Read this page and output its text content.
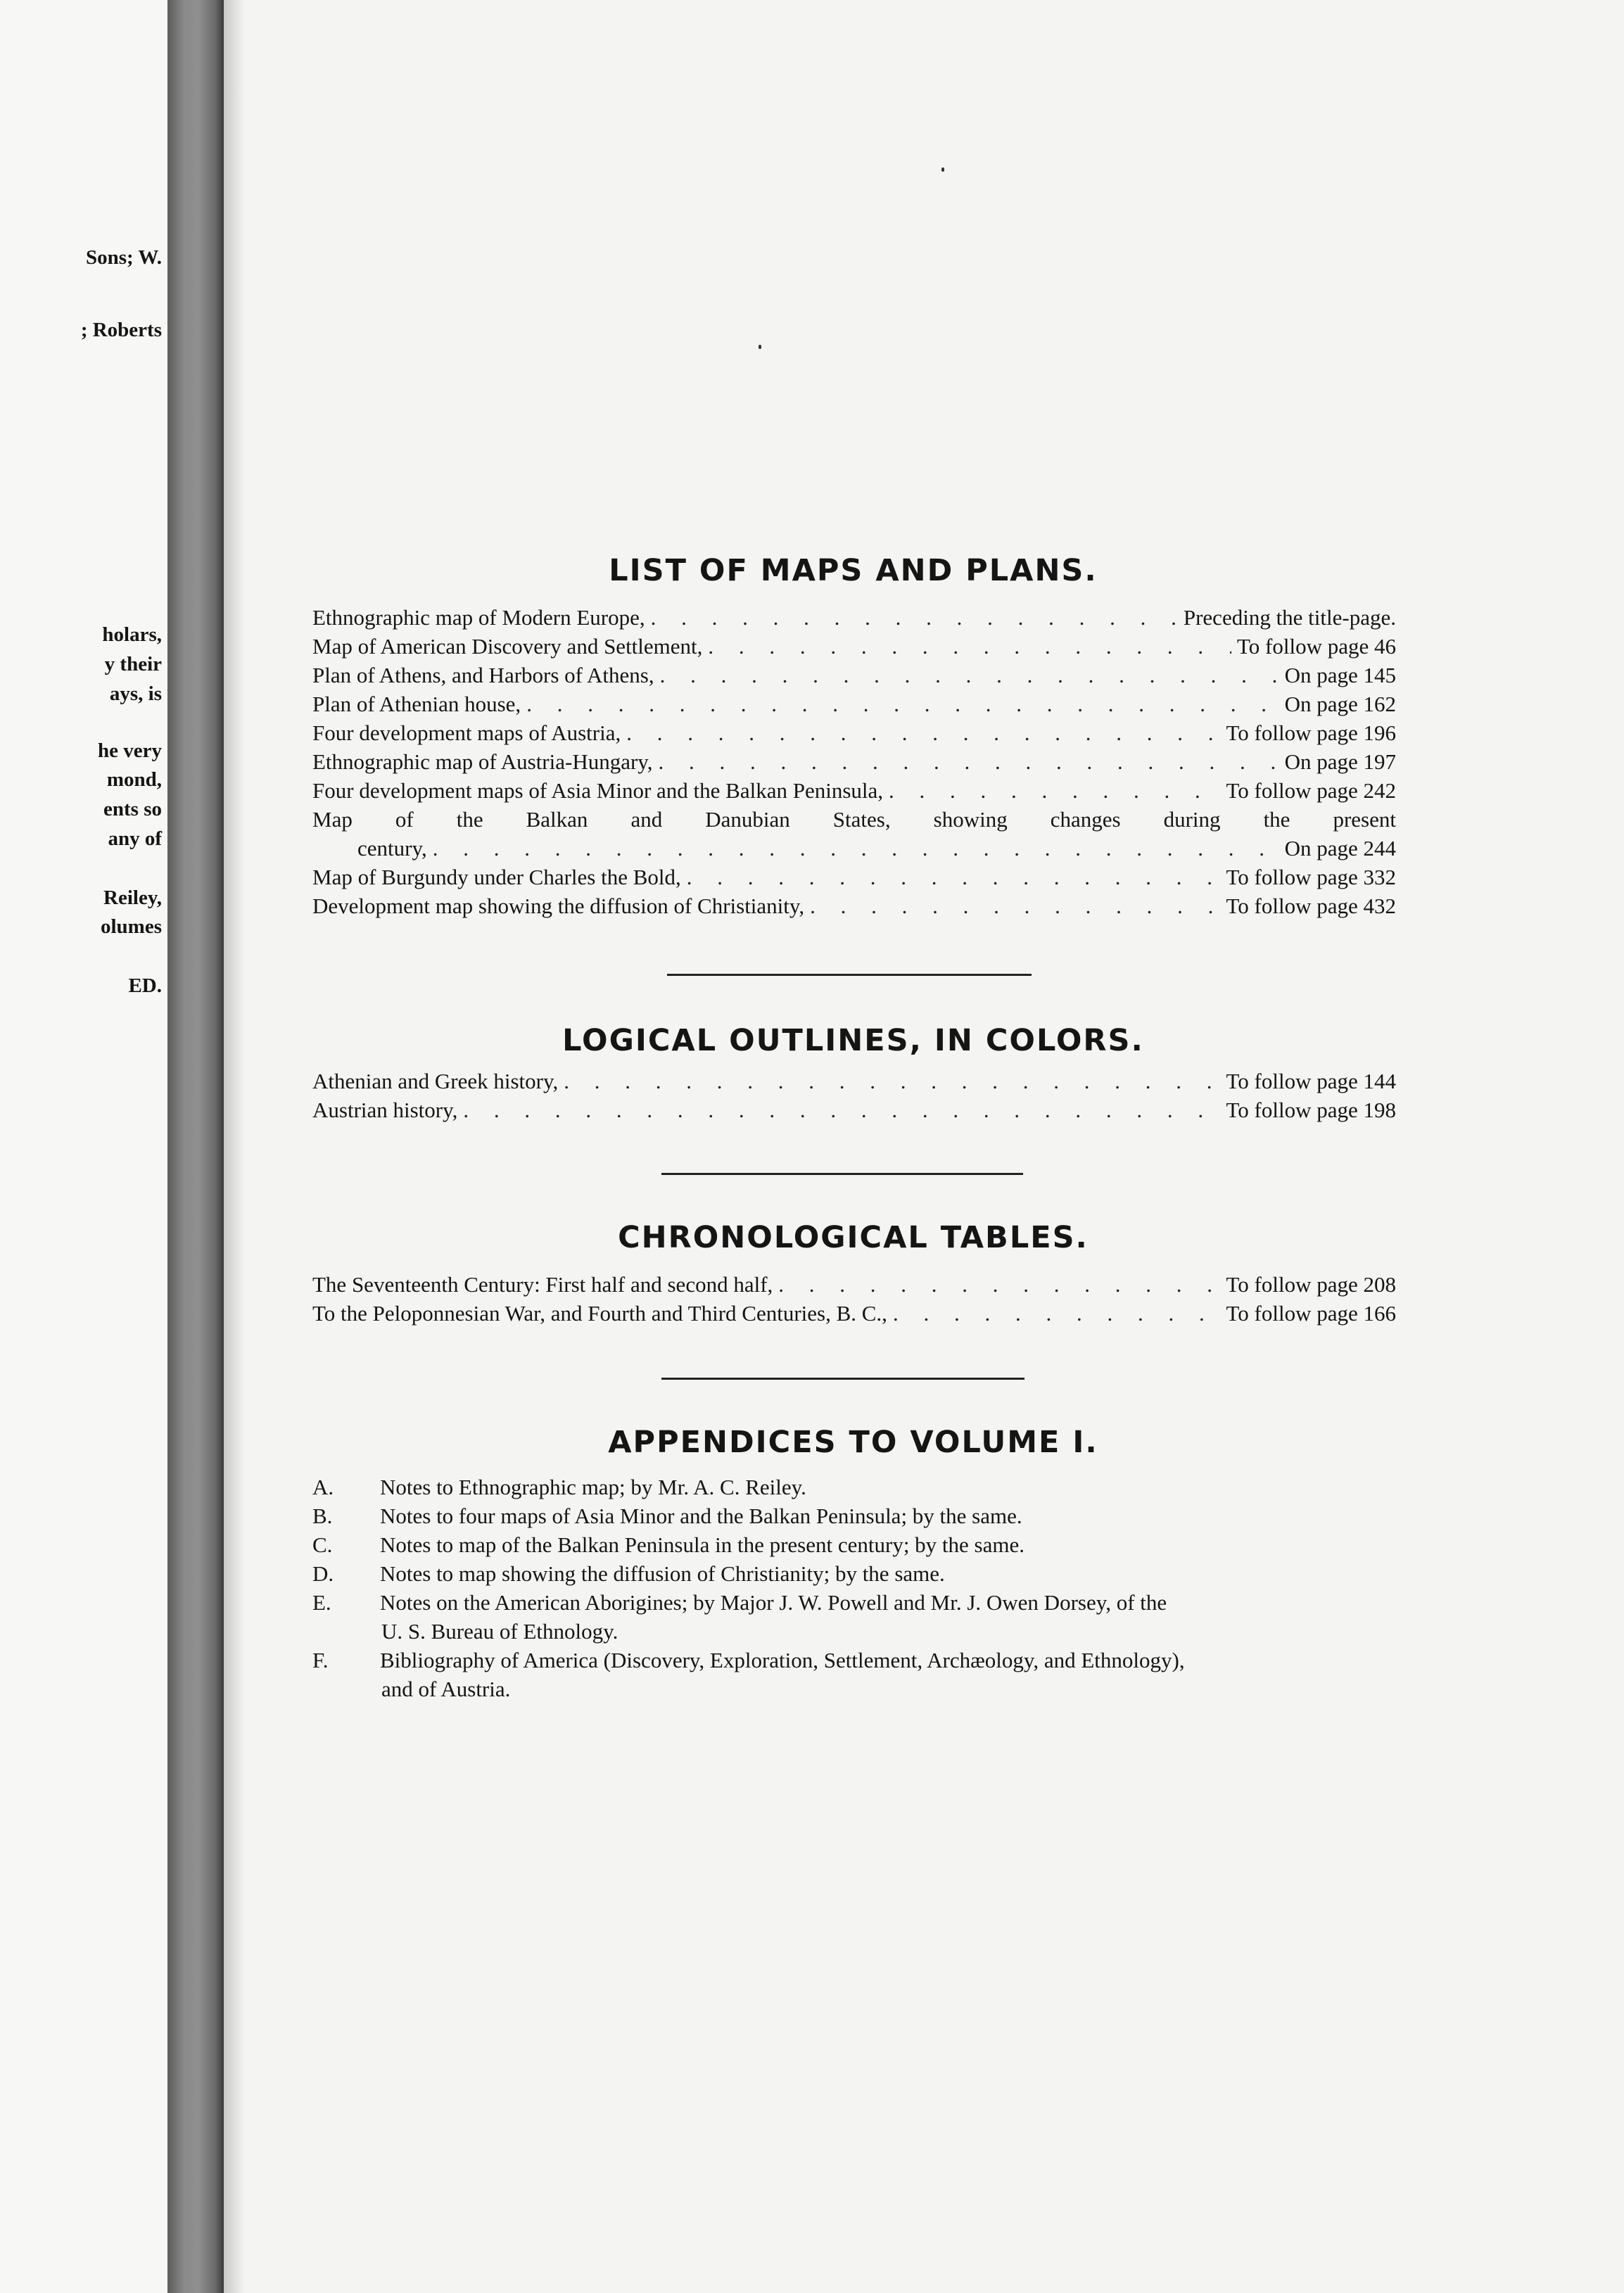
Sons; W.
; Roberts
holars,
y their
ays, is
he very
mond,
ents so
any of
Reiley,
olumes
ED.
LIST OF MAPS AND PLANS.
Ethnographic map of Modern Europe, . . .	Preceding the title-page.
Map of American Discovery and Settlement, . . .	To follow page 46
Plan of Athens, and Harbors of Athens, . . .	On page 145
Plan of Athenian house, . . .	On page 162
Four development maps of Austria, . . .	To follow page 196
Ethnographic map of Austria-Hungary, . . .	On page 197
Four development maps of Asia Minor and the Balkan Peninsula, . . .	To follow page 242
Map of the Balkan and Danubian States, showing changes during the present
century, . . .	On page 244
Map of Burgundy under Charles the Bold, . . .	To follow page 332
Development map showing the diffusion of Christianity, . . .	To follow page 432
LOGICAL OUTLINES, IN COLORS.
Athenian and Greek history, . . .	To follow page 144
Austrian history, . . .	To follow page 198
CHRONOLOGICAL TABLES.
The Seventeenth Century: First half and second half, . . .	To follow page 208
To the Peloponnesian War, and Fourth and Third Centuries, B. C., . . .	To follow page 166
APPENDICES TO VOLUME I.
A. Notes to Ethnographic map; by Mr. A. C. Reiley.
B. Notes to four maps of Asia Minor and the Balkan Peninsula; by the same.
C. Notes to map of the Balkan Peninsula in the present century; by the same.
D. Notes to map showing the diffusion of Christianity; by the same.
E. Notes on the American Aborigines; by Major J. W. Powell and Mr. J. Owen Dorsey, of the
U. S. Bureau of Ethnology.
F. Bibliography of America (Discovery, Exploration, Settlement, Archæology, and Ethnology),
and of Austria.
